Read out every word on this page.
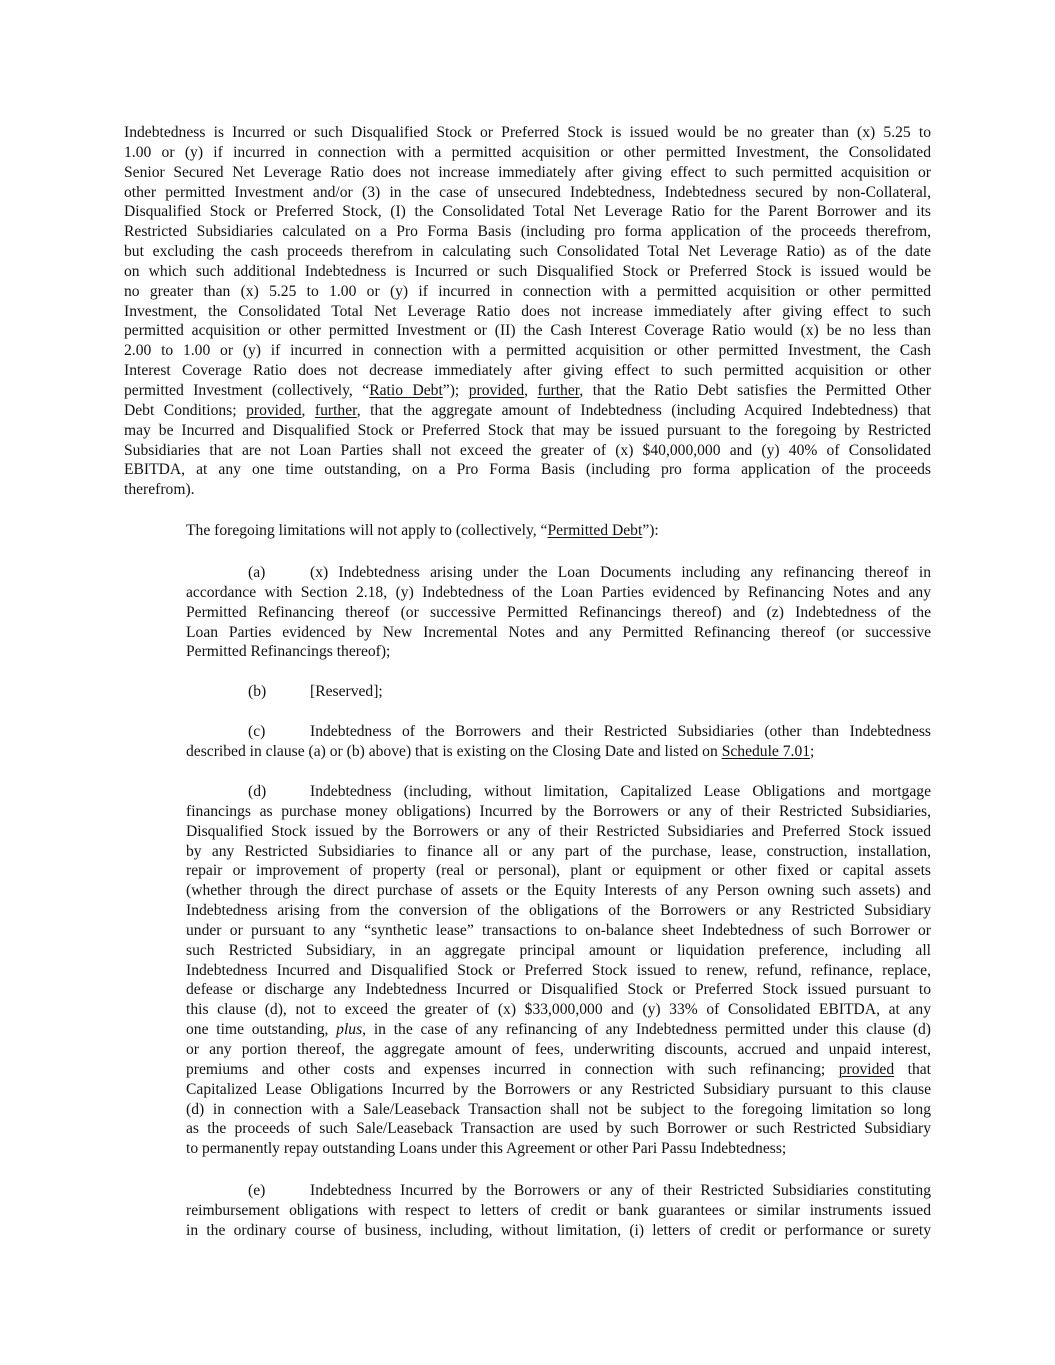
Indebtedness is Incurred or such Disqualified Stock or Preferred Stock is issued would be no greater than (x) 5.25 to
1.00 or (y) if incurred in connection with a permitted acquisition or other permitted Investment, the Consolidated
Senior Secured Net Leverage Ratio does not increase immediately after giving effect to such permitted acquisition or
other permitted Investment and/or (3) in the case of unsecured Indebtedness, Indebtedness secured by non-Collateral,
Disqualified Stock or Preferred Stock, (I) the Consolidated Total Net Leverage Ratio for the Parent Borrower and its
Restricted Subsidiaries calculated on a Pro Forma Basis (including pro forma application of the proceeds therefrom,
but excluding the cash proceeds therefrom in calculating such Consolidated Total Net Leverage Ratio) as of the date
on which such additional Indebtedness is Incurred or such Disqualified Stock or Preferred Stock is issued would be
no greater than (x) 5.25 to 1.00 or (y) if incurred in connection with a permitted acquisition or other permitted
Investment, the Consolidated Total Net Leverage Ratio does not increase immediately after giving effect to such
permitted acquisition or other permitted Investment or (II) the Cash Interest Coverage Ratio would (x) be no less than
2.00 to 1.00 or (y) if incurred in connection with a permitted acquisition or other permitted Investment, the Cash
Interest Coverage Ratio does not decrease immediately after giving effect to such permitted acquisition or other
permitted Investment (collectively, “Ratio Debt”); provided, further, that the Ratio Debt satisfies the Permitted Other
Debt Conditions; provided, further, that the aggregate amount of Indebtedness (including Acquired Indebtedness) that
may be Incurred and Disqualified Stock or Preferred Stock that may be issued pursuant to the foregoing by Restricted
Subsidiaries that are not Loan Parties shall not exceed the greater of (x) $40,000,000 and (y) 40% of Consolidated
EBITDA, at any one time outstanding, on a Pro Forma Basis (including pro forma application of the proceeds
therefrom).
The foregoing limitations will not apply to (collectively, “Permitted Debt”):
(a)	(x) Indebtedness arising under the Loan Documents including any refinancing thereof in
accordance with Section 2.18, (y) Indebtedness of the Loan Parties evidenced by Refinancing Notes and any
Permitted Refinancing thereof (or successive Permitted Refinancings thereof) and (z) Indebtedness of the
Loan Parties evidenced by New Incremental Notes and any Permitted Refinancing thereof (or successive
Permitted Refinancings thereof);
(b)	[Reserved];
(c)	Indebtedness of the Borrowers and their Restricted Subsidiaries (other than Indebtedness
described in clause (a) or (b) above) that is existing on the Closing Date and listed on Schedule 7.01;
(d)	Indebtedness (including, without limitation, Capitalized Lease Obligations and mortgage
financings as purchase money obligations) Incurred by the Borrowers or any of their Restricted Subsidiaries,
Disqualified Stock issued by the Borrowers or any of their Restricted Subsidiaries and Preferred Stock issued
by any Restricted Subsidiaries to finance all or any part of the purchase, lease, construction, installation,
repair or improvement of property (real or personal), plant or equipment or other fixed or capital assets
(whether through the direct purchase of assets or the Equity Interests of any Person owning such assets) and
Indebtedness arising from the conversion of the obligations of the Borrowers or any Restricted Subsidiary
under or pursuant to any “synthetic lease” transactions to on-balance sheet Indebtedness of such Borrower or
such Restricted Subsidiary, in an aggregate principal amount or liquidation preference, including all
Indebtedness Incurred and Disqualified Stock or Preferred Stock issued to renew, refund, refinance, replace,
defease or discharge any Indebtedness Incurred or Disqualified Stock or Preferred Stock issued pursuant to
this clause (d), not to exceed the greater of (x) $33,000,000 and (y) 33% of Consolidated EBITDA, at any
one time outstanding, plus, in the case of any refinancing of any Indebtedness permitted under this clause (d)
or any portion thereof, the aggregate amount of fees, underwriting discounts, accrued and unpaid interest,
premiums and other costs and expenses incurred in connection with such refinancing; provided that
Capitalized Lease Obligations Incurred by the Borrowers or any Restricted Subsidiary pursuant to this clause
(d) in connection with a Sale/Leaseback Transaction shall not be subject to the foregoing limitation so long
as the proceeds of such Sale/Leaseback Transaction are used by such Borrower or such Restricted Subsidiary
to permanently repay outstanding Loans under this Agreement or other Pari Passu Indebtedness;
(e)	Indebtedness Incurred by the Borrowers or any of their Restricted Subsidiaries constituting
reimbursement obligations with respect to letters of credit or bank guarantees or similar instruments issued
in the ordinary course of business, including, without limitation, (i) letters of credit or performance or surety
